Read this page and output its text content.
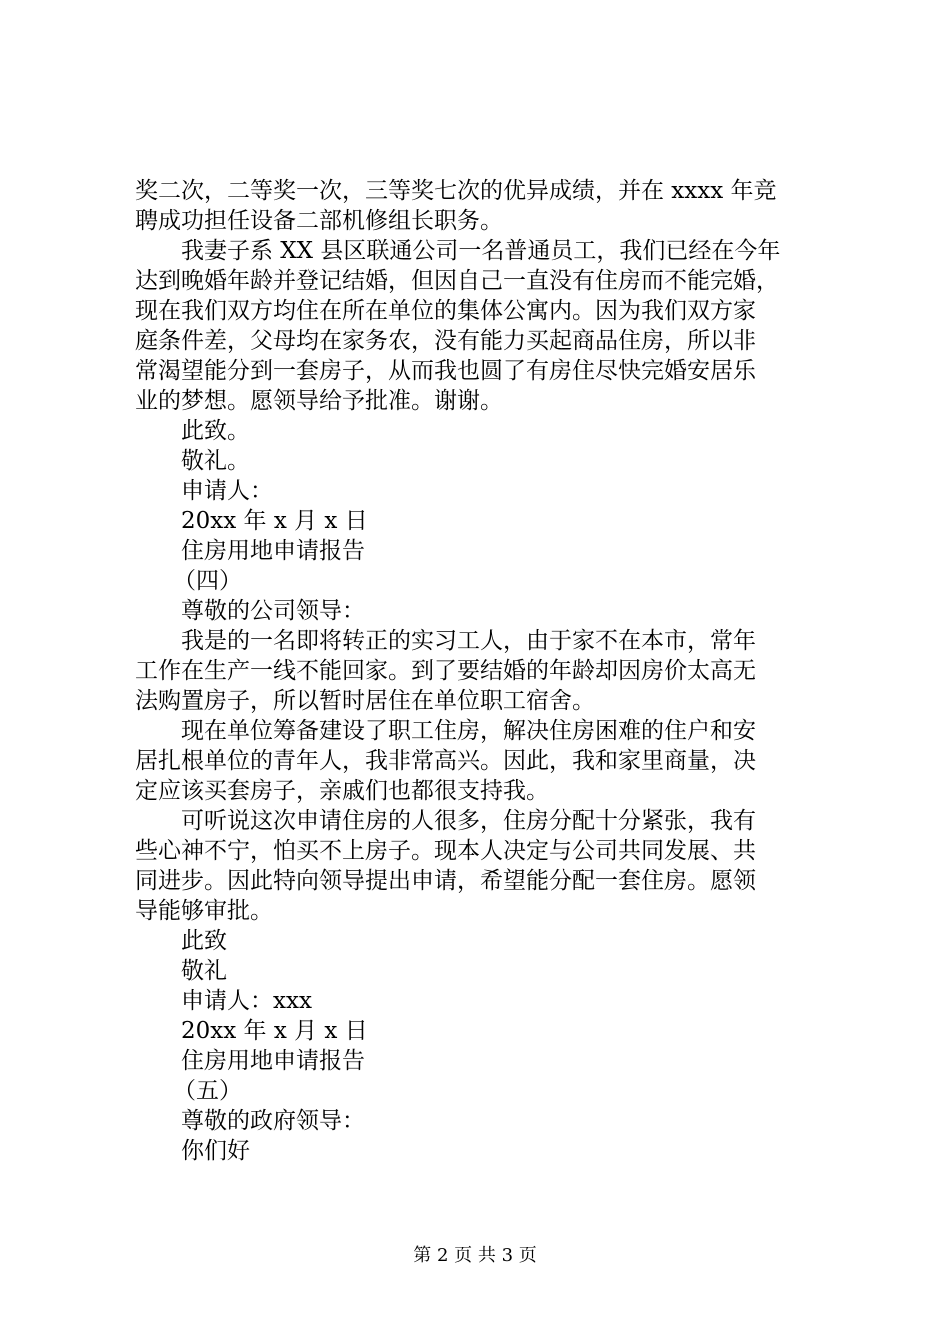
奖二次，二等奖一次，三等奖七次的优异成绩，并在 xxxx 年竞
聘成功担任设备二部机修组长职务。
我妻子系 XX 县区联通公司一名普通员工，我们已经在今年
达到晚婚年龄并登记结婚，但因自己一直没有住房而不能完婚，
现在我们双方均住在所在单位的集体公寓内。因为我们双方家
庭条件差，父母均在家务农，没有能力买起商品住房，所以非
常渴望能分到一套房子，从而我也圆了有房住尽快完婚安居乐
业的梦想。愿领导给予批准。谢谢。
此致。
敬礼。
申请人：
20xx 年 x 月 x 日
住房用地申请报告
（四）
尊敬的公司领导：
我是的一名即将转正的实习工人，由于家不在本市，常年
工作在生产一线不能回家。到了要结婚的年龄却因房价太高无
法购置房子，所以暂时居住在单位职工宿舍。
现在单位筹备建设了职工住房，解决住房困难的住户和安
居扎根单位的青年人，我非常高兴。因此，我和家里商量，决
定应该买套房子，亲戚们也都很支持我。
可听说这次申请住房的人很多，住房分配十分紧张，我有
些心神不宁，怕买不上房子。现本人决定与公司共同发展、共
同进步。因此特向领导提出申请，希望能分配一套住房。愿领
导能够审批。
此致
敬礼
申请人：xxx
20xx 年 x 月 x 日
住房用地申请报告
（五）
尊敬的政府领导：
你们好
第 2 页 共 3 页
